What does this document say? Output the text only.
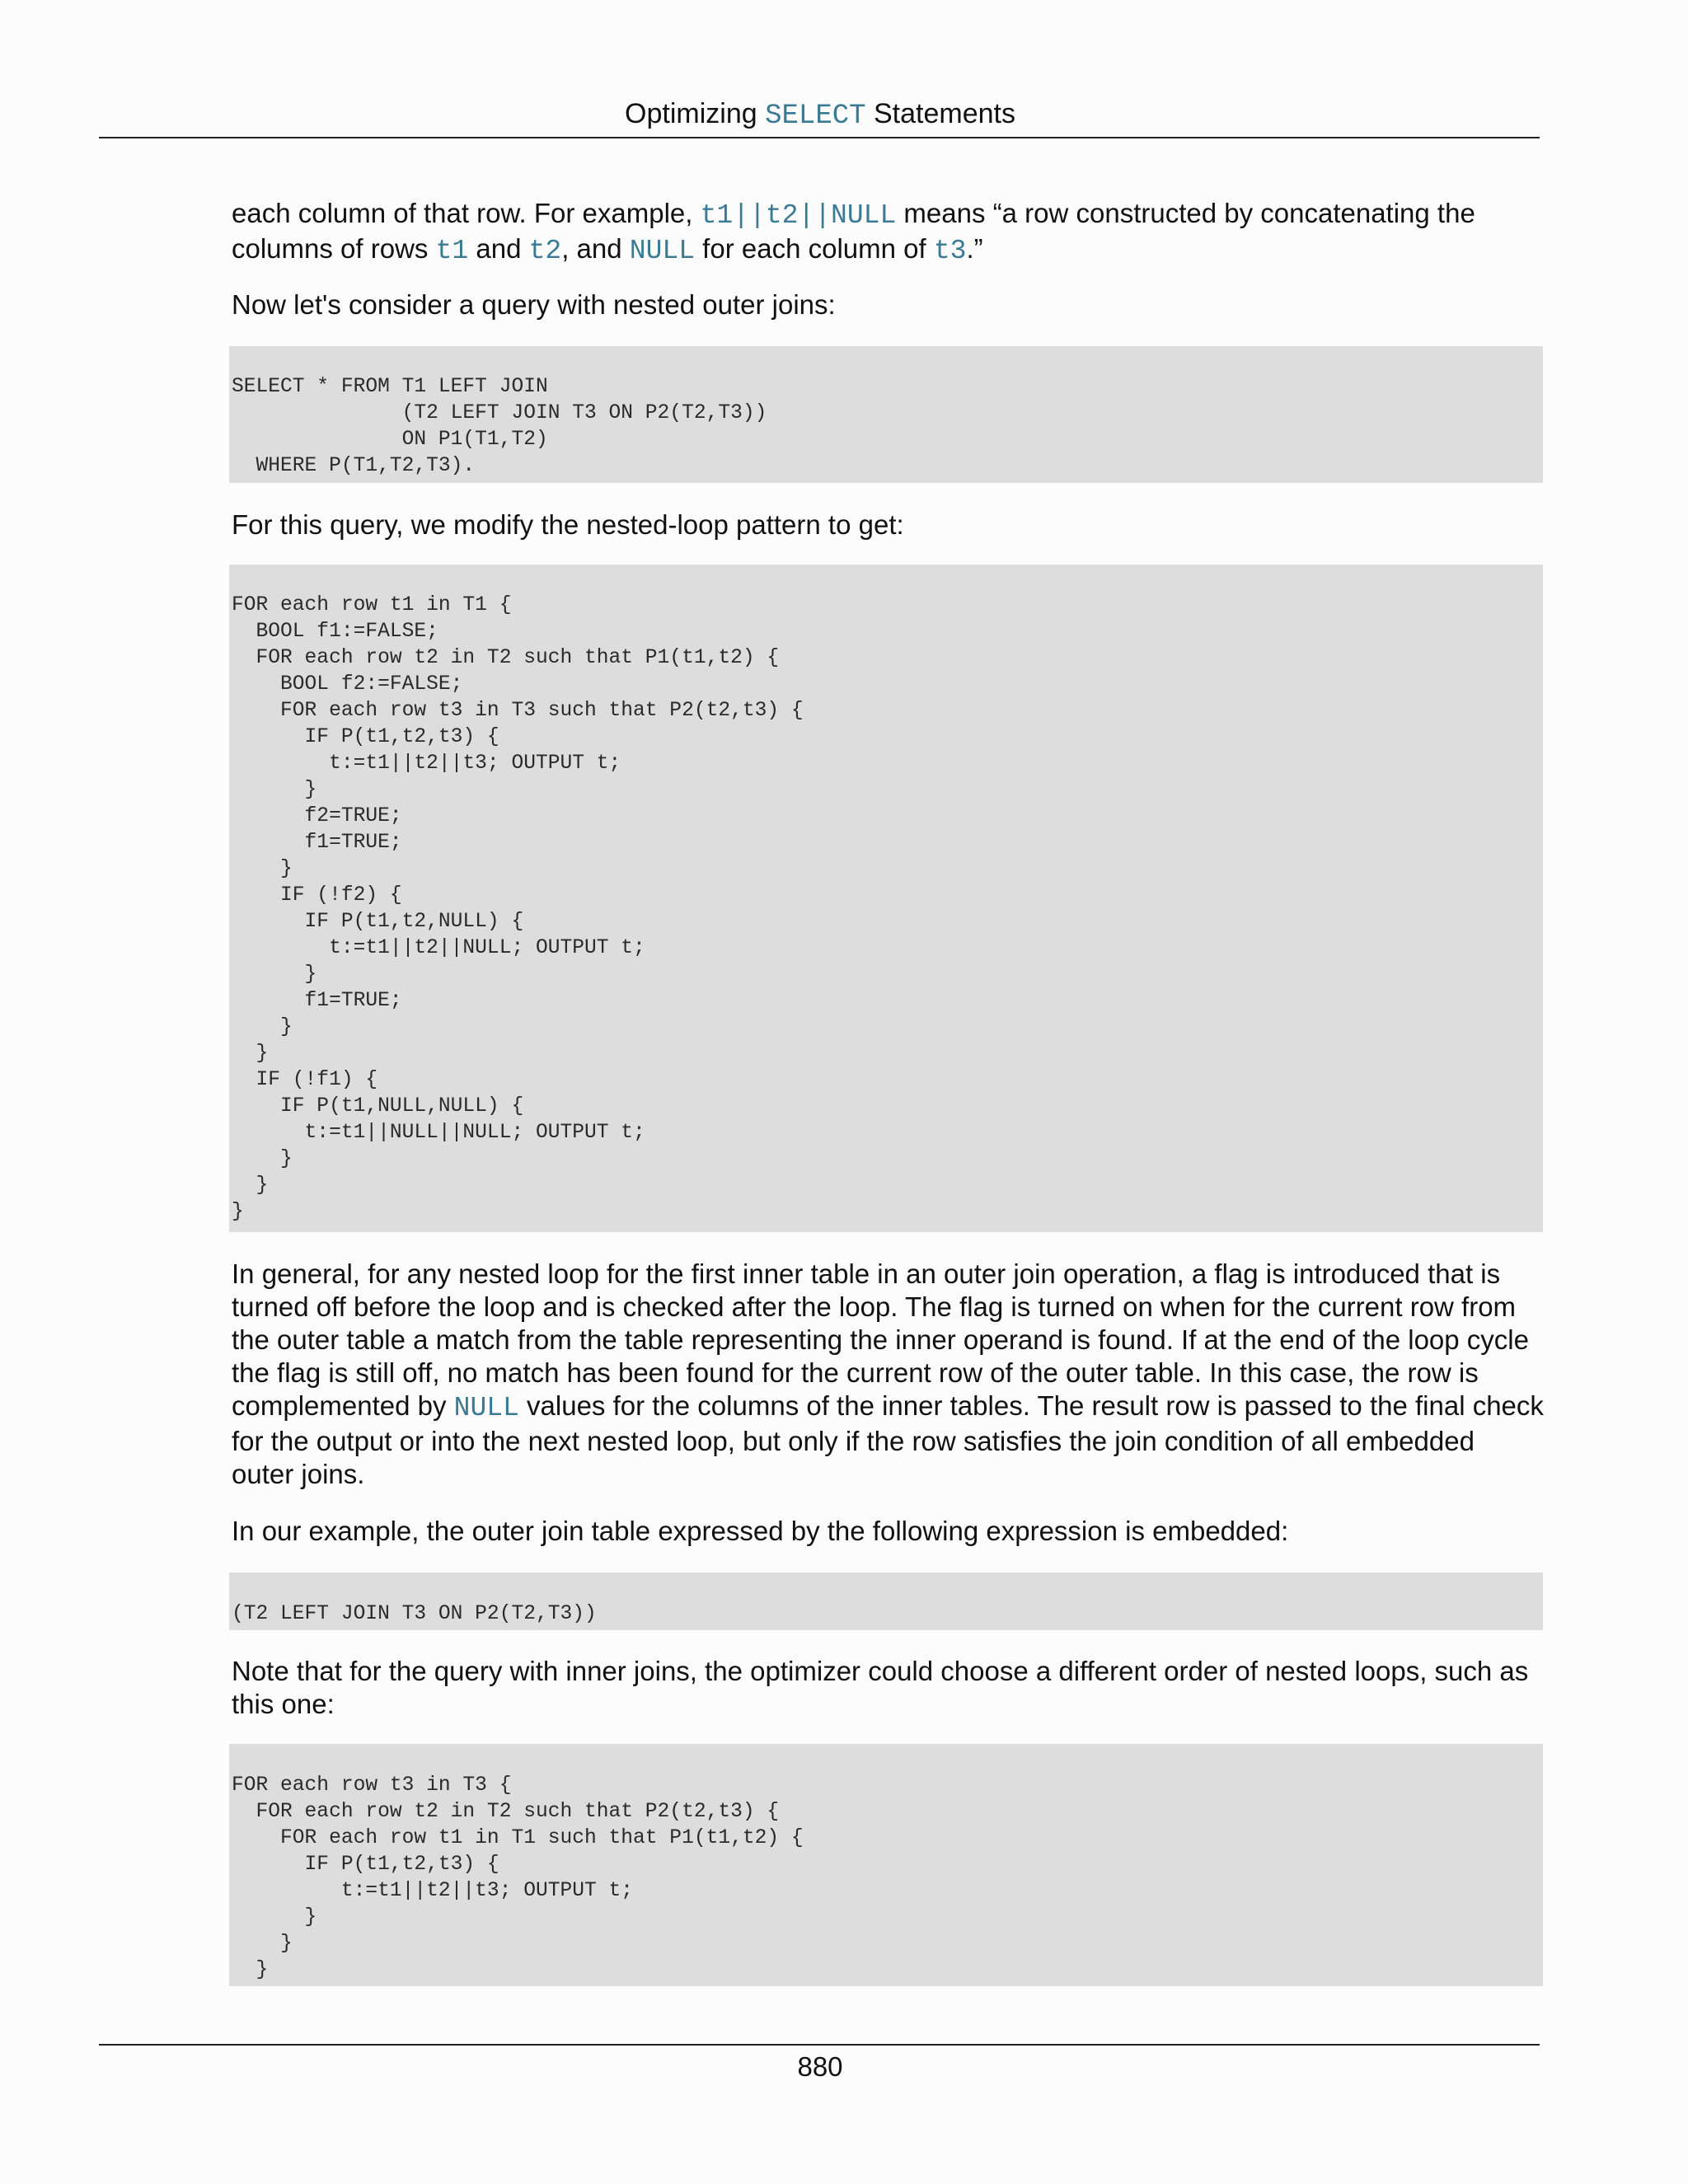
Optimizing SELECT Statements
each column of that row. For example, t1||t2||NULL means “a row constructed by concatenating the columns of rows t1 and t2, and NULL for each column of t3.”
Now let's consider a query with nested outer joins:
SELECT * FROM T1 LEFT JOIN
(T2 LEFT JOIN T3 ON P2(T2,T3))
ON P1(T1,T2)
WHERE P(T1,T2,T3).
For this query, we modify the nested-loop pattern to get:
FOR each row t1 in T1 {
BOOL f1:=FALSE;
FOR each row t2 in T2 such that P1(t1,t2) {
BOOL f2:=FALSE;
FOR each row t3 in T3 such that P2(t2,t3) {
IF P(t1,t2,t3) {
t:=t1||t2||t3; OUTPUT t;
}
f2=TRUE;
f1=TRUE;
}
IF (!f2) {
IF P(t1,t2,NULL) {
t:=t1||t2||NULL; OUTPUT t;
}
f1=TRUE;
}
}
IF (!f1) {
IF P(t1,NULL,NULL) {
t:=t1||NULL||NULL; OUTPUT t;
}
}
}
In general, for any nested loop for the first inner table in an outer join operation, a flag is introduced that is turned off before the loop and is checked after the loop. The flag is turned on when for the current row from the outer table a match from the table representing the inner operand is found. If at the end of the loop cycle the flag is still off, no match has been found for the current row of the outer table. In this case, the row is complemented by NULL values for the columns of the inner tables. The result row is passed to the final check for the output or into the next nested loop, but only if the row satisfies the join condition of all embedded outer joins.
In our example, the outer join table expressed by the following expression is embedded:
(T2 LEFT JOIN T3 ON P2(T2,T3))
Note that for the query with inner joins, the optimizer could choose a different order of nested loops, such as this one:
FOR each row t3 in T3 {
FOR each row t2 in T2 such that P2(t2,t3) {
FOR each row t1 in T1 such that P1(t1,t2) {
IF P(t1,t2,t3) {
t:=t1||t2||t3; OUTPUT t;
}
}
}
880
